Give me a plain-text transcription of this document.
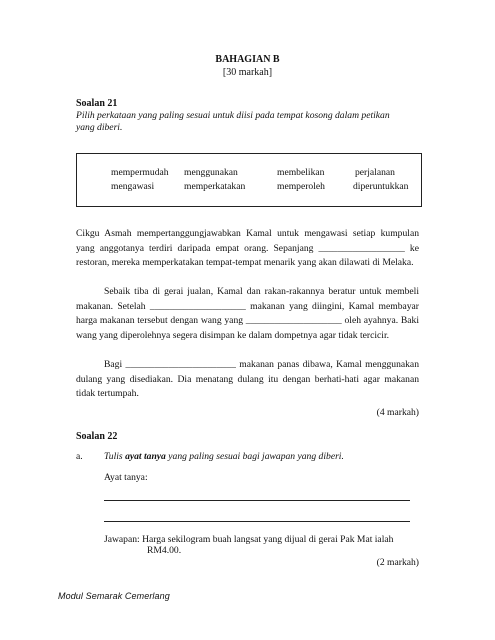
BAHAGIAN B
[30 markah]
Soalan 21
Pilih perkataan yang paling sesuai untuk diisi pada tempat kosong dalam petikan
yang diberi.
mempermudah menggunakan	membelikan	perjalanan
mengawasi	memperkatakan	memperoleh	diperuntukkan

Cikgu Asmah mempertanggungjawabkan Kamal untuk mengawasi setiap kumpulan yang anggotanya terdiri daripada empat orang. Sepanjang __________________ ke restoran, mereka memperkatakan tempat-tempat menarik yang akan dilawati di Melaka.

Sebaik tiba di gerai jualan, Kamal dan rakan-rakannya beratur untuk membeli makanan. Setelah ____________________ makanan yang diingini, Kamal membayar harga makanan tersebut dengan wang yang ____________________ oleh ayahnya. Baki wang yang diperolehnya segera disimpan ke dalam dompetnya agar tidak tercicir.

Bagi _______________________ makanan panas dibawa, Kamal menggunakan dulang yang disediakan. Dia menatang dulang itu dengan berhati-hati agar makanan tidak tertumpah.

(4 markah)
Soalan 22
a. Tulis ayat tanya yang paling sesuai bagi jawapan yang diberi.
Ayat tanya:
Jawapan: Harga sekilogram buah langsat yang dijual di gerai Pak Mat ialah
RM4.00.
(2 markah)
Modul Semarak Cemerlang
